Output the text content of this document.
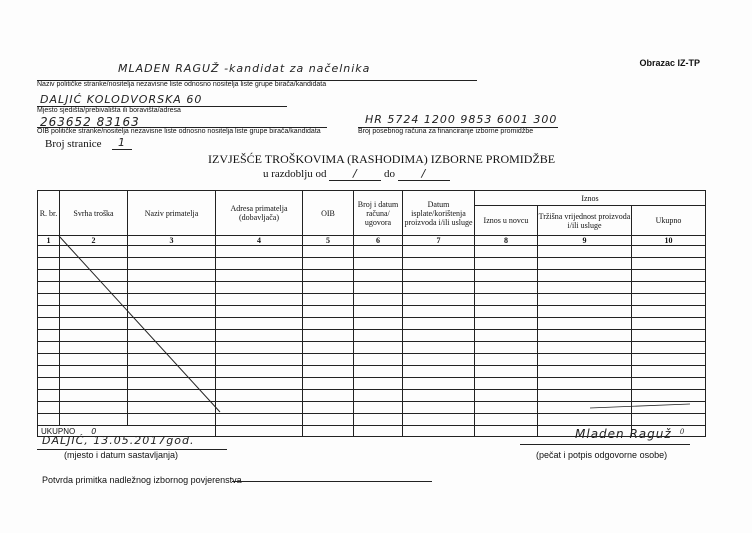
Obrazac IZ-TP
MLADEN RAGUŽ -kandidat za načelnika
Naziv političke stranke/nositelja nezavisne liste odnosno nositelja liste grupe birača/kandidata
DALJIĆ KOLODVORSKA 60
Mjesto sjedišta/prebivališta ili boravišta/adresa
263652 83163
OIB političke stranke/nositelja nezavisne liste odnosno nositelja liste grupe birača/kandidata
HR 5724 1200 9853 6001 300
Broj posebnog računa za financiranje izborne promidžbe
Broj stranice 1
IZVJEŠĆE TROŠKOVIMA (RASHODIMA) IZBORNE PROMIDŽBE
u razdoblju od / do /
R. br.	Svrha troška	Naziv primatelja	Adresa primatelja (dobavljača)	OIB	Broj i datum računa/ ugovora	Datum isplate/korištenja proizvoda i/ili usluge	Iznos		
							Iznos u novcu	Tržišna vrijednost proizvoda i/ili usluge	Ukupno
1	2	3	4	5	6	7	8	9	10

UKUPNO 0									0
DALJIĆ, 13.05.2017god.
(mjesto i datum sastavljanja)
Mladen Raguž
(pečat i potpis odgovorne osobe)
Potvrda primitka nadležnog izbornog povjerenstva
